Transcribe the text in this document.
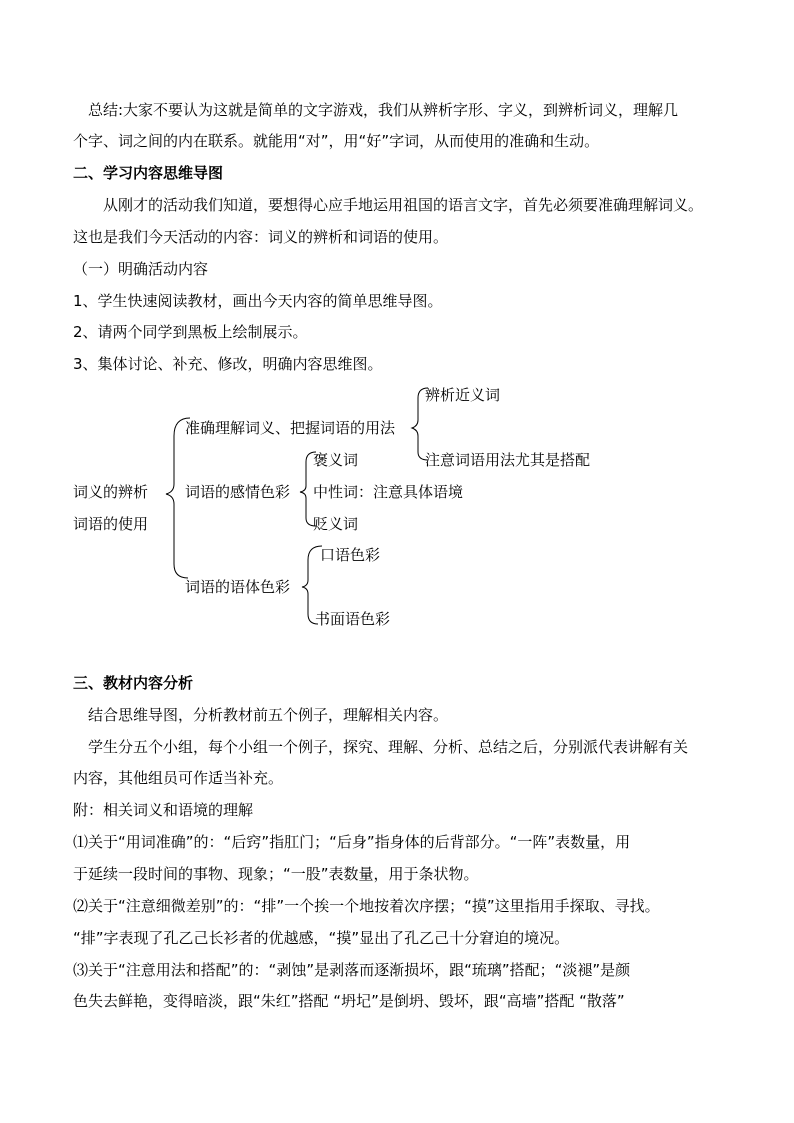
总结:大家不要认为这就是简单的文字游戏，我们从辨析字形、字义，到辨析词义，理解几
个字、词之间的内在联系。就能用“对”，用“好”字词，从而使用的准确和生动。
二、学习内容思维导图
从刚才的活动我们知道，要想得心应手地运用祖国的语言文字，首先必须要准确理解词义。
这也是我们今天活动的内容：词义的辨析和词语的使用。
（一）明确活动内容
1、学生快速阅读教材，画出今天内容的简单思维导图。
2、请两个同学到黑板上绘制展示。
3、集体讨论、补充、修改，明确内容思维图。
词义的辨析
词语的使用
准确理解词义、把握词语的用法
辨析近义词
注意词语用法尤其是搭配
词语的感情色彩
褒义词
中性词：注意具体语境
贬义词
词语的语体色彩
口语色彩
书面语色彩
三、教材内容分析
结合思维导图，分析教材前五个例子，理解相关内容。
学生分五个小组，每个小组一个例子，探究、理解、分析、总结之后，分别派代表讲解有关
内容，其他组员可作适当补充。
附：相关词义和语境的理解
⑴关于“用词准确”的：“后窍”指肛门；“后身”指身体的后背部分。“一阵”表数量，用
于延续一段时间的事物、现象；“一股”表数量，用于条状物。
⑵关于“注意细微差别”的：“排”一个挨一个地按着次序摆；“摸”这里指用手探取、寻找。
“排”字表现了孔乙己长衫者的优越感，“摸”显出了孔乙己十分窘迫的境况。
⑶关于“注意用法和搭配”的：“剥蚀”是剥落而逐渐损坏，跟“琉璃”搭配；“淡褪”是颜
色失去鲜艳，变得暗淡，跟“朱红”搭配 “坍圮”是倒坍、毁坏，跟“高墙”搭配 “散落”
